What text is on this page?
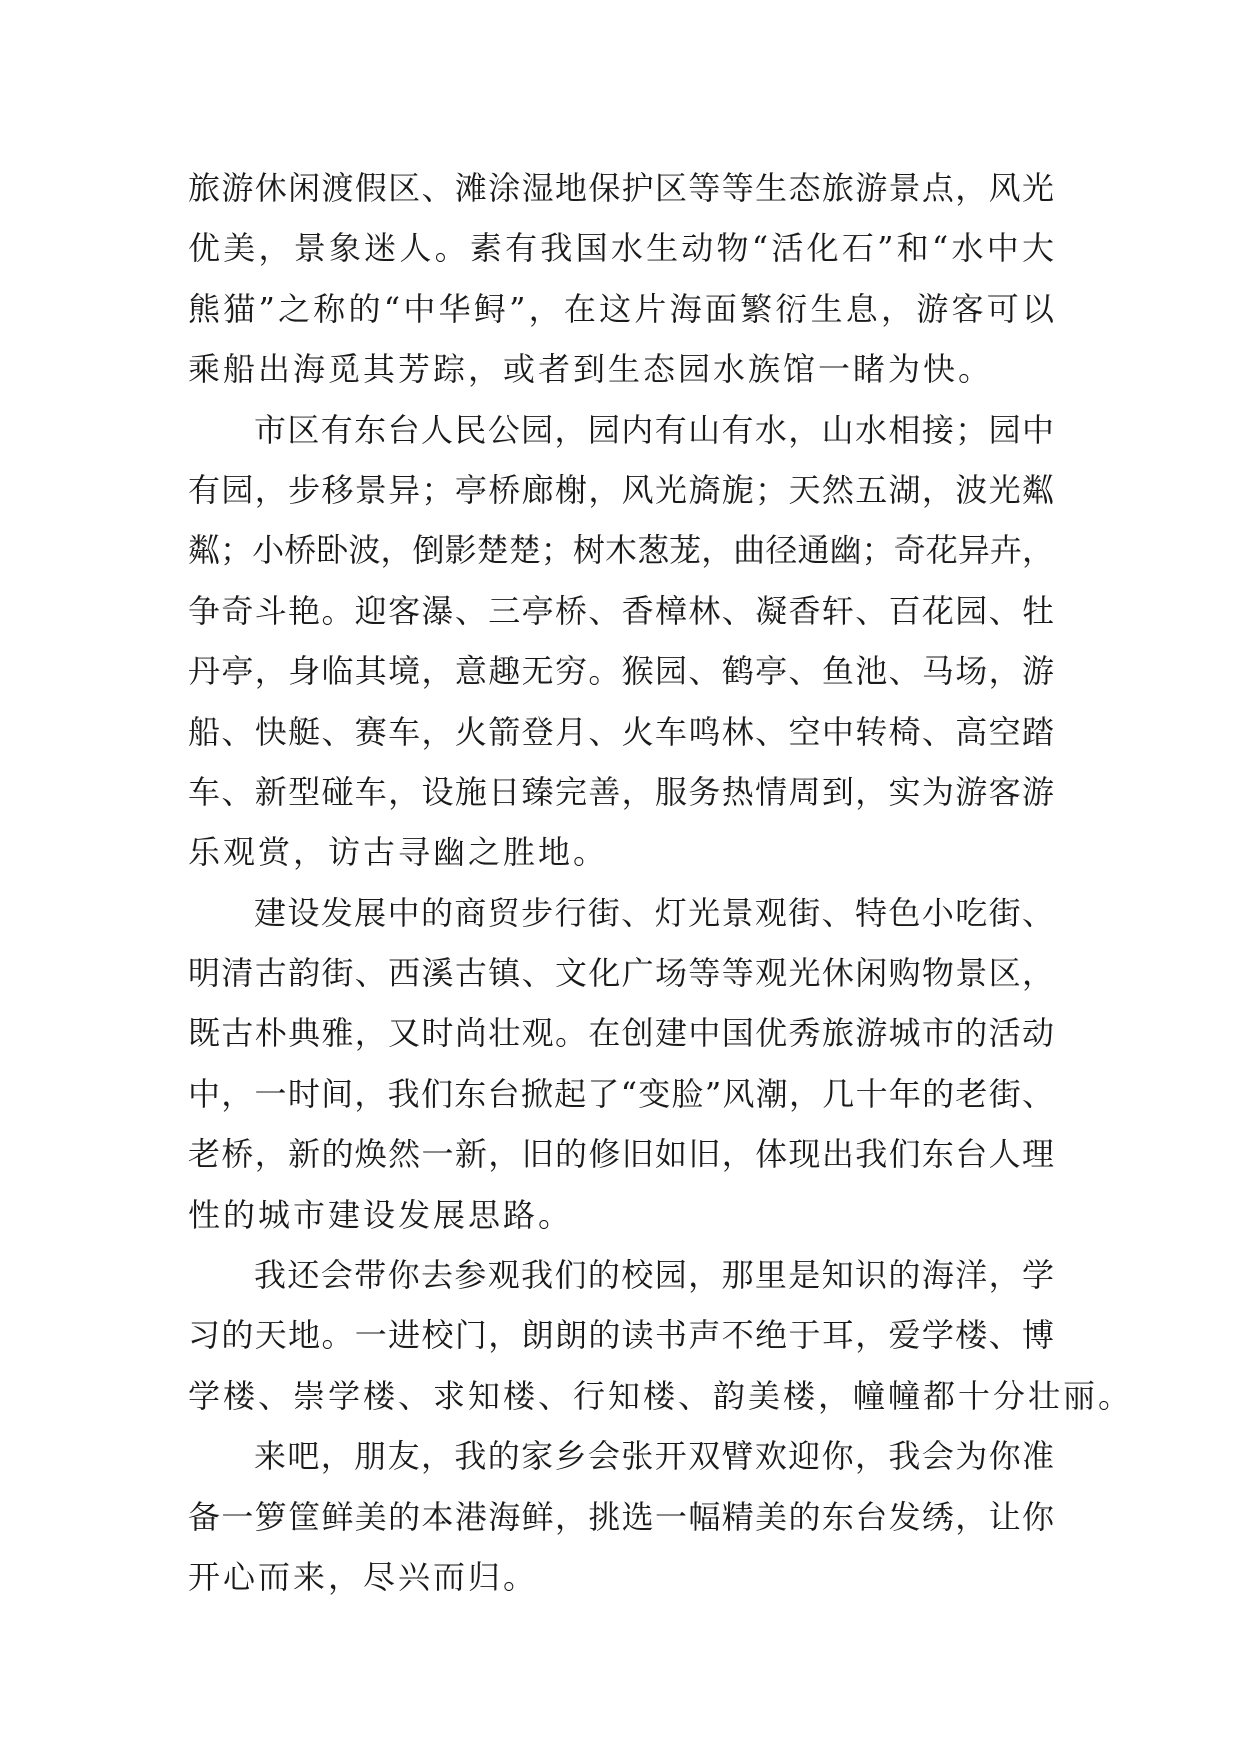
旅游休闲渡假区、滩涂湿地保护区等等生态旅游景点，风光
优美，景象迷人。素有我国水生动物“活化石”和“水中大
熊猫”之称的“中华鲟”，在这片海面繁衍生息，游客可以
乘船出海觅其芳踪，或者到生态园水族馆一睹为快。
市区有东台人民公园，园内有山有水，山水相接；园中
有园，步移景异；亭桥廊榭，风光旖旎；天然五湖，波光粼
粼；小桥卧波，倒影楚楚；树木葱茏，曲径通幽；奇花异卉，
争奇斗艳。迎客瀑、三亭桥、香樟林、凝香轩、百花园、牡
丹亭，身临其境，意趣无穷。猴园、鹤亭、鱼池、马场，游
船、快艇、赛车，火箭登月、火车鸣林、空中转椅、高空踏
车、新型碰车，设施日臻完善，服务热情周到，实为游客游
乐观赏，访古寻幽之胜地。
建设发展中的商贸步行街、灯光景观街、特色小吃街、
明清古韵街、西溪古镇、文化广场等等观光休闲购物景区，
既古朴典雅，又时尚壮观。在创建中国优秀旅游城市的活动
中，一时间，我们东台掀起了“变脸”风潮，几十年的老街、
老桥，新的焕然一新，旧的修旧如旧，体现出我们东台人理
性的城市建设发展思路。
我还会带你去参观我们的校园，那里是知识的海洋，学
习的天地。一进校门，朗朗的读书声不绝于耳，爱学楼、博
学楼、崇学楼、求知楼、行知楼、韵美楼，幢幢都十分壮丽。
来吧，朋友，我的家乡会张开双臂欢迎你，我会为你准
备一箩筐鲜美的本港海鲜，挑选一幅精美的东台发绣，让你
开心而来，尽兴而归。
